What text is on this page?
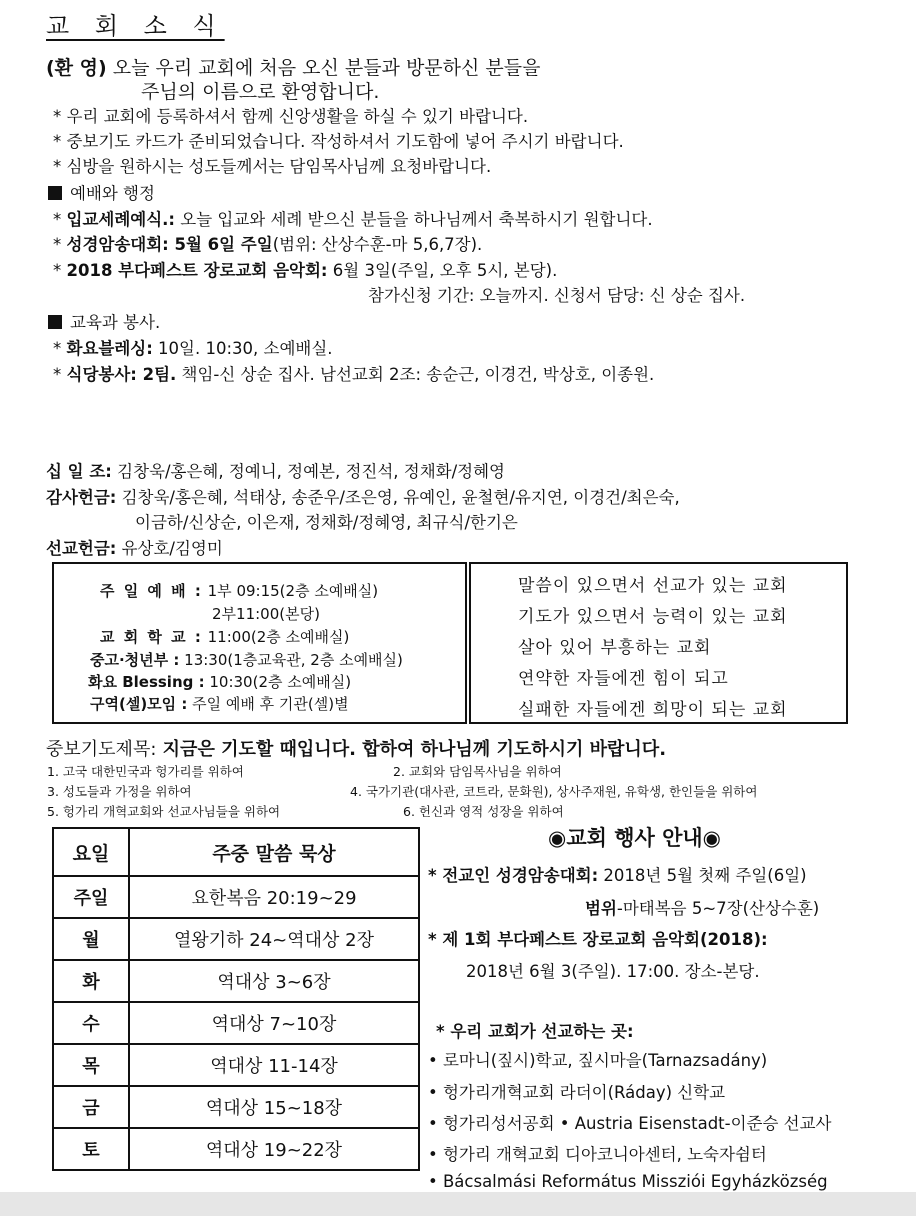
교 회 소 식
(환 영) 오늘 우리 교회에 처음 오신 분들과 방문하신 분들을
주님의 이름으로 환영합니다.
* 우리 교회에 등록하셔서 함께 신앙생활을 하실 수 있기 바랍니다.
* 중보기도 카드가 준비되었습니다. 작성하셔서 기도함에 넣어 주시기 바랍니다.
* 심방을 원하시는 성도들께서는 담임목사님께 요청바랍니다.
예배와 행정
* 입교세례예식.: 오늘 입교와 세례 받으신 분들을 하나님께서 축복하시기 원합니다.
* 성경암송대회: 5월 6일 주일(범위: 산상수훈-마 5,6,7장).
* 2018 부다페스트 장로교회 음악회: 6월 3일(주일, 오후 5시, 본당).
참가신청 기간: 오늘까지. 신청서 담당: 신 상순 집사.
교육과 봉사.
* 화요블레싱: 10일. 10:30, 소예배실.
* 식당봉사: 2팀. 책임-신 상순 집사. 남선교회 2조: 송순근, 이경건, 박상호, 이종원.
십 일 조: 김창욱/홍은혜, 정예니, 정예본, 정진석, 정채화/정혜영
감사헌금: 김창욱/홍은혜, 석태상, 송준우/조은영, 유예인, 윤철현/유지연, 이경건/최은숙,
이금하/신상순, 이은재, 정채화/정혜영, 최규식/한기은
선교헌금: 유상호/김영미
주 일 예 배 : 1부 09:15(2층 소예배실)
2부11:00(본당)
교 회 학 교 : 11:00(2층 소예배실)
중고·청년부 : 13:30(1층교육관, 2층 소예배실)
화요 Blessing : 10:30(2층 소예배실)
구역(셀)모임 : 주일 예배 후 기관(셀)별
말씀이 있으면서 선교가 있는 교회
기도가 있으면서 능력이 있는 교회
살아 있어 부흥하는 교회
연약한 자들에겐 힘이 되고
실패한 자들에겐 희망이 되는 교회
중보기도제목: 지금은 기도할 때입니다. 합하여 하나님께 기도하시기 바랍니다.
1. 고국 대한민국과 헝가리를 위하여	2. 교회와 담임목사님을 위하여
3. 성도들과 가정을 위하여	4. 국가기관(대사관, 코트라, 문화원), 상사주재원, 유학생, 한인들을 위하여
5. 헝가리 개혁교회와 선교사님들을 위하여	6. 헌신과 영적 성장을 위하여
요일	주중 말씀 묵상
주일	요한복음 20:19~29
월	열왕기하 24~역대상 2장
화	역대상 3~6장
수	역대상 7~10장
목	역대상 11-14장
금	역대상 15~18장
토	역대상 19~22장
◉교회 행사 안내◉
* 전교인 성경암송대회: 2018년 5월 첫째 주일(6일)
범위-마태복음 5~7장(산상수훈)
* 제 1회 부다페스트 장로교회 음악회(2018):
2018년 6월 3(주일). 17:00. 장소-본당.
* 우리 교회가 선교하는 곳:
• 로마니(짚시)학교, 짚시마을(Tarnazsadány)
• 헝가리개혁교회 라더이(Ráday) 신학교
• 헝가리성서공회 • Austria Eisenstadt-이준승 선교사
• 헝가리 개혁교회 디아코니아센터, 노숙자쉼터
• Bácsalmási Református Missziói Egyházközség
